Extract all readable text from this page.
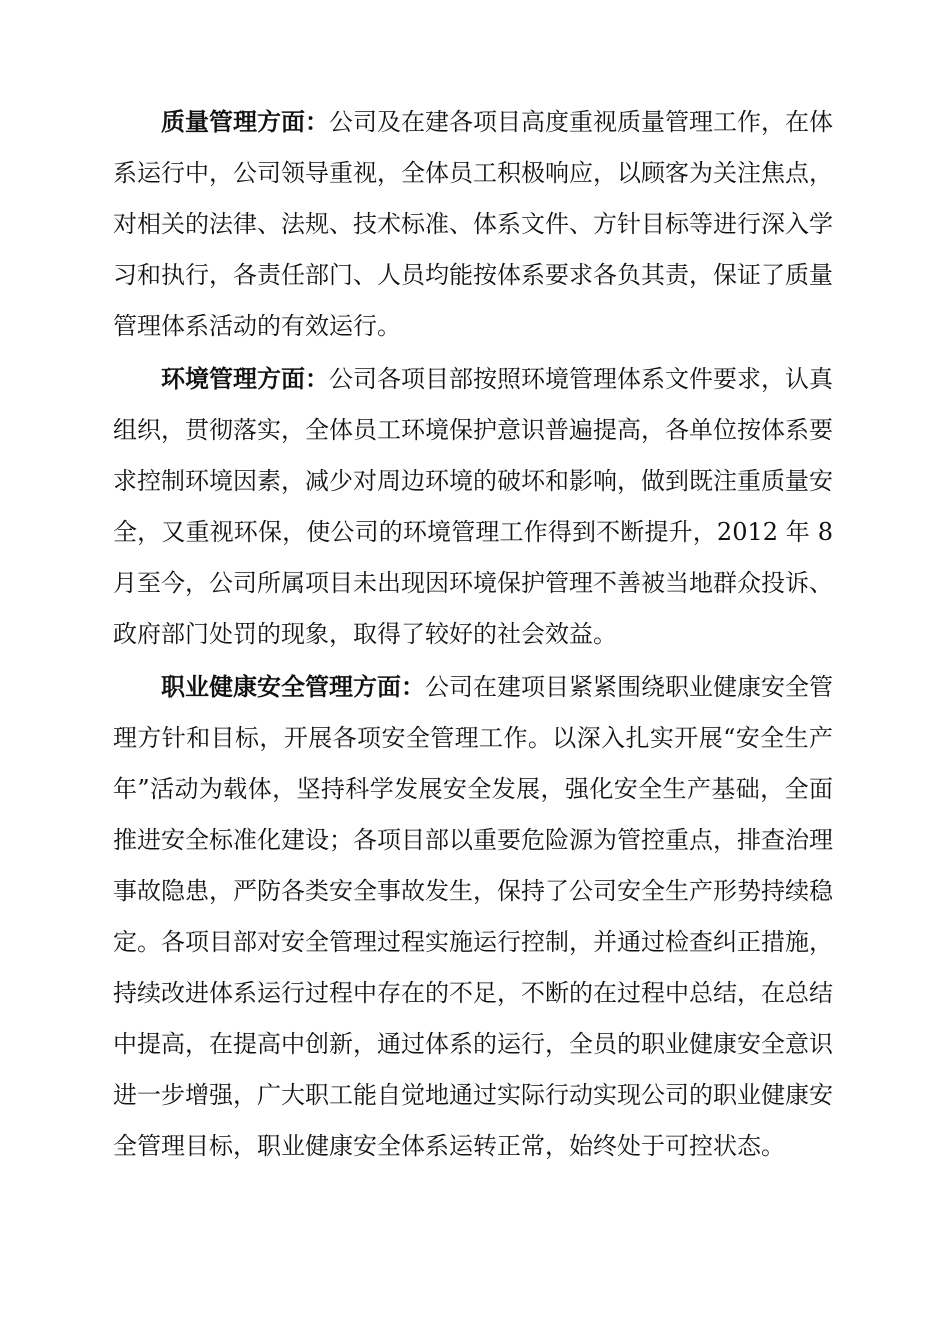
质量管理方面：公司及在建各项目高度重视质量管理工作，在体系运行中，公司领导重视，全体员工积极响应，以顾客为关注焦点，对相关的法律、法规、技术标准、体系文件、方针目标等进行深入学习和执行，各责任部门、人员均能按体系要求各负其责，保证了质量管理体系活动的有效运行。

环境管理方面：公司各项目部按照环境管理体系文件要求，认真组织，贯彻落实，全体员工环境保护意识普遍提高，各单位按体系要求控制环境因素，减少对周边环境的破坏和影响，做到既注重质量安全，又重视环保，使公司的环境管理工作得到不断提升，2012 年 8 月至今，公司所属项目未出现因环境保护管理不善被当地群众投诉、政府部门处罚的现象，取得了较好的社会效益。

职业健康安全管理方面：公司在建项目紧紧围绕职业健康安全管理方针和目标，开展各项安全管理工作。以深入扎实开展“安全生产年”活动为载体，坚持科学发展安全发展，强化安全生产基础，全面推进安全标准化建设；各项目部以重要危险源为管控重点，排查治理事故隐患，严防各类安全事故发生，保持了公司安全生产形势持续稳定。各项目部对安全管理过程实施运行控制，并通过检查纠正措施，持续改进体系运行过程中存在的不足，不断的在过程中总结，在总结中提高，在提高中创新，通过体系的运行，全员的职业健康安全意识进一步增强，广大职工能自觉地通过实际行动实现公司的职业健康安全管理目标，职业健康安全体系运转正常，始终处于可控状态。
